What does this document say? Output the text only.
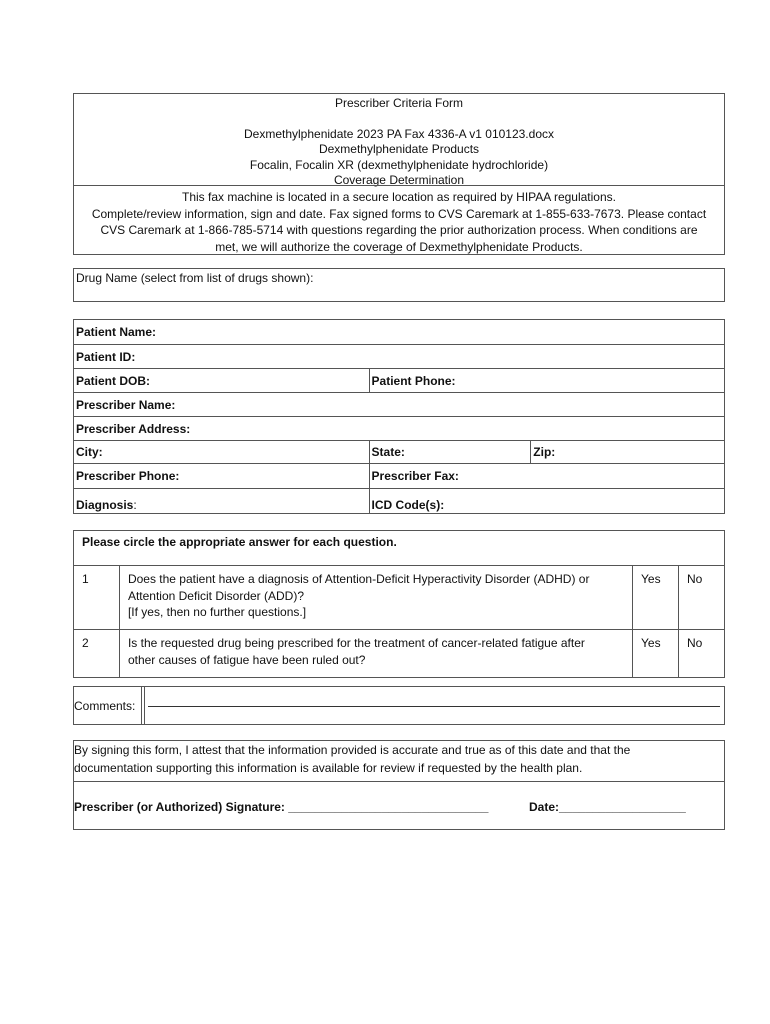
Prescriber Criteria Form
Dexmethylphenidate 2023 PA Fax 4336-A v1 010123.docx
Dexmethylphenidate Products
Focalin, Focalin XR (dexmethylphenidate hydrochloride)
Coverage Determination
This fax machine is located in a secure location as required by HIPAA regulations.
Complete/review information, sign and date. Fax signed forms to CVS Caremark at 1-855-633-7673. Please contact
CVS Caremark at 1-866-785-5714 with questions regarding the prior authorization process. When conditions are
met, we will authorize the coverage of Dexmethylphenidate Products.
Drug Name (select from list of drugs shown):
Patient Name:		
Patient ID:		
Patient DOB:	Patient Phone:	
Prescriber Name:		
Prescriber Address:		
City:	State:	Zip:
Prescriber Phone:	Prescriber Fax:	
Diagnosis:	ICD Code(s):	
Please circle the appropriate answer for each question.			
1	Does the patient have a diagnosis of Attention-Deficit Hyperactivity Disorder (ADHD) or
Attention Deficit Disorder (ADD)?
[If yes, then no further questions.]	Yes	No
2	Is the requested drug being prescribed for the treatment of cancer-related fatigue after
other causes of fatigue have been ruled out?	Yes	No
Comments:
By signing this form, I attest that the information provided is accurate and true as of this date and that the
documentation supporting this information is available for review if requested by the health plan.
Prescriber (or Authorized) Signature: ______________________________	Date:___________________
